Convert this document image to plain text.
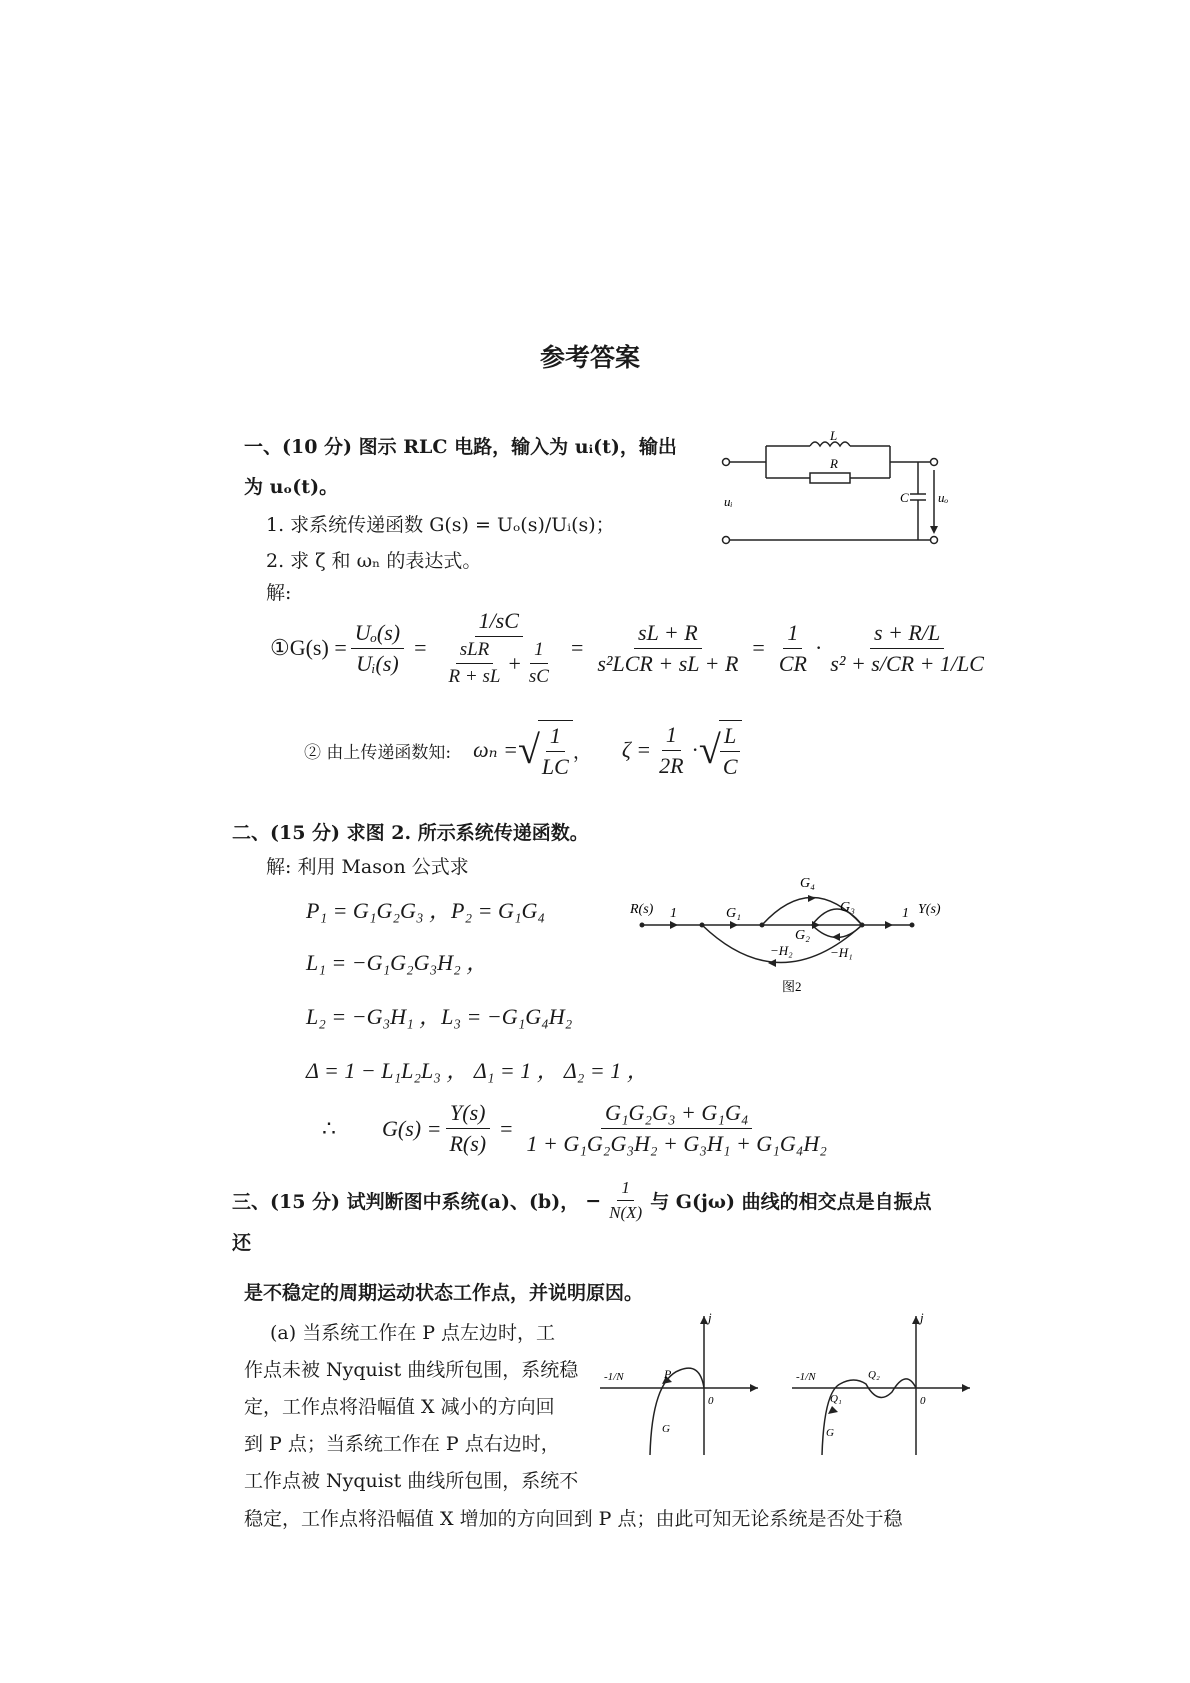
参考答案
一、(10 分) 图示 RLC 电路，输入为 uᵢ(t)，输出
为 uₒ(t)。
1. 求系统传递函数 G(s) = Uₒ(s)/Uᵢ(s)；
2. 求 ζ 和 ωₙ 的表达式。
解:
L
R
C
uᵢ	uₒ
①G(s) = $\frac{\text{Uₒ(s)}}{\text{Uᵢ(s)}}$ =
1/sC
$\frac{\text{sLR}}{R + sL} + \frac{1}{sC} = \frac{sL + R}{\text{s²LCR + sL + R}} = \frac{1}{CR} \cdot \frac{s + R/L}{\text{s² + s/CR + 1/LC}}$
② 由上传递函数知: ωₙ = √
$\frac{1}{LC}$ ， $\zeta = \frac{1}{2R}$ · √
$\frac{L}{C}$
二、(15 分) 求图 2. 所示系统传递函数。
解: 利用 Mason 公式求
P₁ = G₁G₂G₃ ，P₂ = G₁G₄
L₁ = −G₁G₂G₃H₂ ，
L₂ = −G₃H₁ ，L₃ = −G₁G₄H₂
Δ = 1 − L₁L₂L₃ ， Δ₁ = 1 ， Δ₂ = 1 ，
R(s) 1	G₁
G₄
G₃
G₂
−H₁
−H₂
1 Y(s)
图2
∴ $G(s) = \frac{Y(s)}{R(s)} = \frac{\text{G₁G₂G₃ + G₁G₄}}{\text{1 + G₁G₂G₃H₂ + G₃H₁ + G₁G₄H₂}}$
三、(15 分) 试判断图中系统(a)、(b)， − $\frac{1}{N(X)}$ 与 G(jω) 曲线的相交点是自振点
还
是不稳定的周期运动状态工作点，并说明原因。
(a) 当系统工作在 P 点左边时，工
作点未被 Nyquist 曲线所包围，系统稳
定，工作点将沿幅值 X 减小的方向回
到 P 点；当系统工作在 P 点右边时，
工作点被 Nyquist 曲线所包围，系统不
稳定，工作点将沿幅值 X 增加的方向回到 P 点；由此可知无论系统是否处于稳
j
-1/N	P
0
G
j
-1/N
Q₁
Q₂
0
G
